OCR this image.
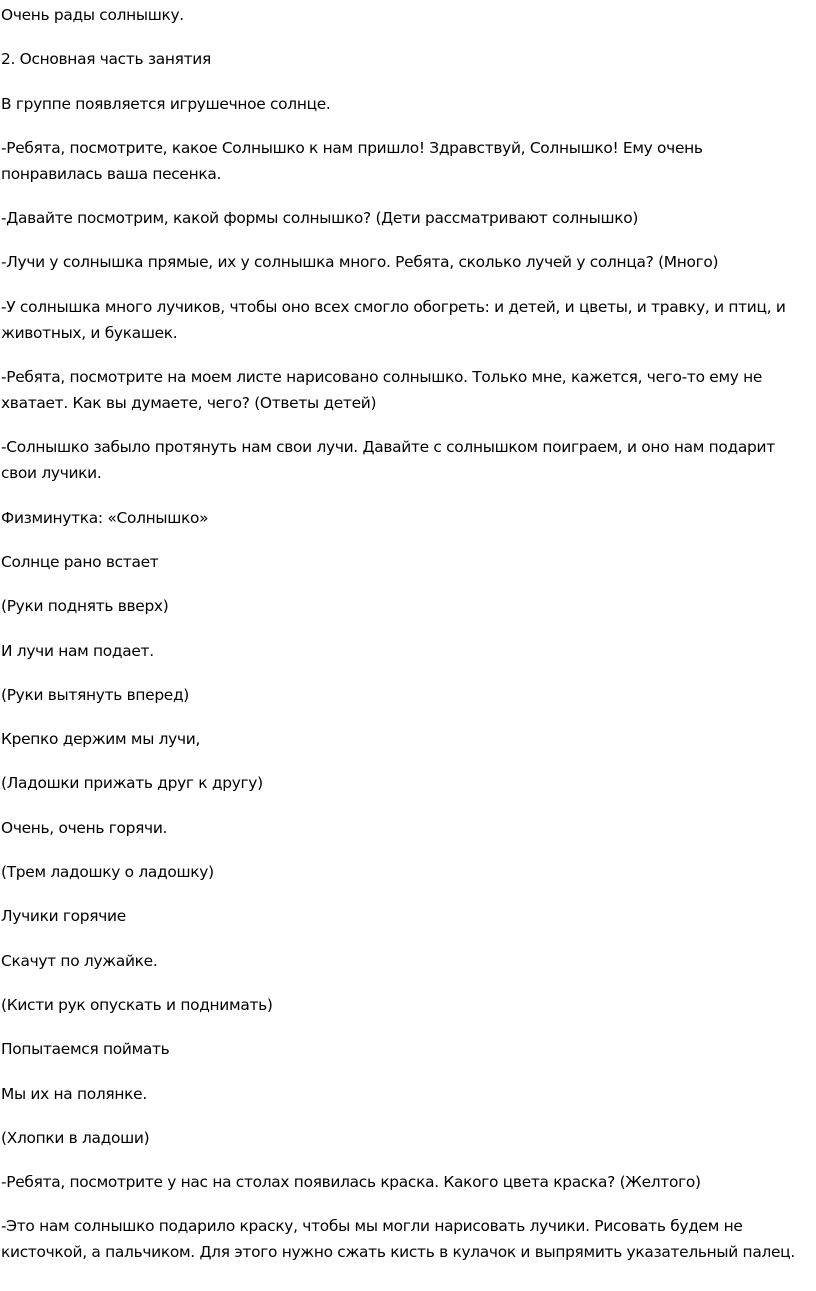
Очень рады солнышку.

2. Основная часть занятия

В группе появляется игрушечное солнце.

-Ребята, посмотрите, какое Солнышко к нам пришло! Здравствуй, Солнышко! Ему очень понравилась ваша песенка.

-Давайте посмотрим, какой формы солнышко? (Дети рассматривают солнышко)

-Лучи у солнышка прямые, их у солнышка много. Ребята, сколько лучей у солнца? (Много)

-У солнышка много лучиков, чтобы оно всех смогло обогреть: и детей, и цветы, и травку, и птиц, и животных, и букашек.

-Ребята, посмотрите на моем листе нарисовано солнышко. Только мне, кажется, чего-то ему не хватает. Как вы думаете, чего? (Ответы детей)

-Солнышко забыло протянуть нам свои лучи. Давайте с солнышком поиграем, и оно нам подарит свои лучики.

Физминутка: «Солнышко»

Солнце рано встает

(Руки поднять вверх)

И лучи нам подает.

(Руки вытянуть вперед)

Крепко держим мы лучи,

(Ладошки прижать друг к другу)

Очень, очень горячи.

(Трем ладошку о ладошку)

Лучики горячие

Скачут по лужайке.

(Кисти рук опускать и поднимать)

Попытаемся поймать

Мы их на полянке.

(Хлопки в ладоши)

-Ребята, посмотрите у нас на столах появилась краска. Какого цвета краска? (Желтого)

-Это нам солнышко подарило краску, чтобы мы могли нарисовать лучики. Рисовать будем не кисточкой, а пальчиком. Для этого нужно сжать кисть в кулачок и выпрямить указательный палец.
